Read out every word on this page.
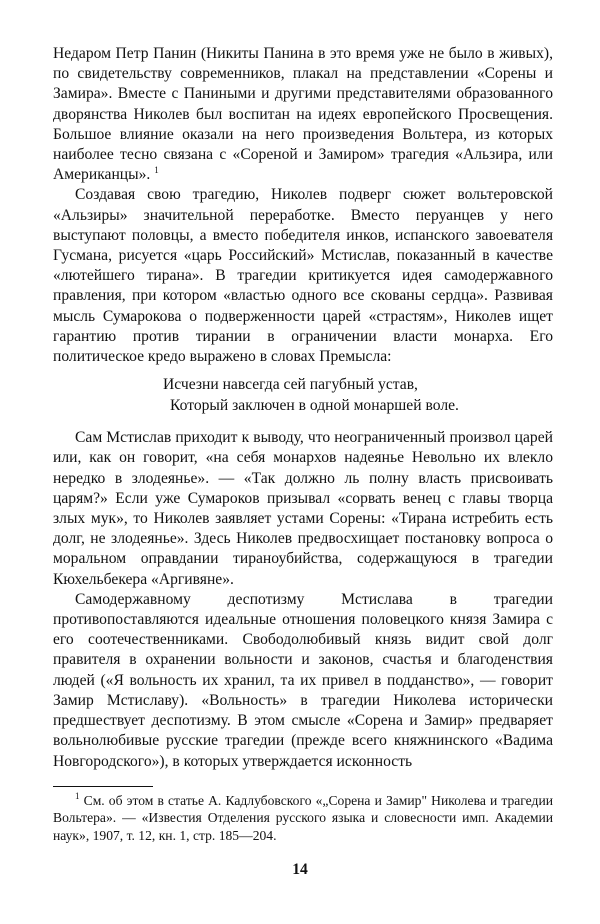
Недаром Петр Панин (Никиты Панина в это время уже не было в живых), по свидетельству современников, плакал на представлении «Сорены и Замира». Вместе с Паниными и другими представителями образованного дворянства Николев был воспитан на идеях европейского Просвещения. Большое влияние оказали на него произведения Вольтера, из которых наиболее тесно связана с «Сореной и Замиром» трагедия «Альзира, или Американцы». $^1$

Создавая свою трагедию, Николев подверг сюжет вольтеровской «Альзиры» значительной переработке. Вместо перуанцев у него выступают половцы, а вместо победителя инков, испанского завоевателя Гусмана, рисуется «царь Российский» Мстислав, показанный в качестве «лютейшего тирана». В трагедии критикуется идея самодержавного правления, при котором «властью одного все скованы сердца». Развивая мысль Сумарокова о подверженности царей «страстям», Николев ищет гарантию против тирании в ограничении власти монарха. Его политическое кредо выражено в словах Премысла:

Исчезни навсегда сей пагубный устав,
Который заключен в одной монаршей воле.

Сам Мстислав приходит к выводу, что неограниченный произвол царей или, как он говорит, «на себя монархов надеянье Невольно их влекло нередко в злодеянье». — «Так должно ль полну власть присвоивать царям?» Если уже Сумароков призывал «сорвать венец с главы творца злых мук», то Николев заявляет устами Сорены: «Тирана истребить есть долг, не злодеянье». Здесь Николев предвосхищает постановку вопроса о моральном оправдании тираноубийства, содержащуюся в трагедии Кюхельбекера «Аргивяне».

Самодержавному деспотизму Мстислава в трагедии противопоставляются идеальные отношения половецкого князя Замира с его соотечественниками. Свободолюбивый князь видит свой долг правителя в охранении вольности и законов, счастья и благоденствия людей («Я вольность их хранил, та их привел в подданство», — говорит Замир Мстиславу). «Вольность» в трагедии Николева исторически предшествует деспотизму. В этом смысле «Сорена и Замир» предваряет вольнолюбивые русские трагедии (прежде всего княжнинского «Вадима Новгородского»), в которых утверждается исконность

$^1$ См. об этом в статье А. Кадлубовского «„Сорена и Замир" Николева и трагедии Вольтера». — «Известия Отделения русского языка и словесности имп. Академии наук», 1907, т. 12, кн. 1, стр. 185—204.

14
